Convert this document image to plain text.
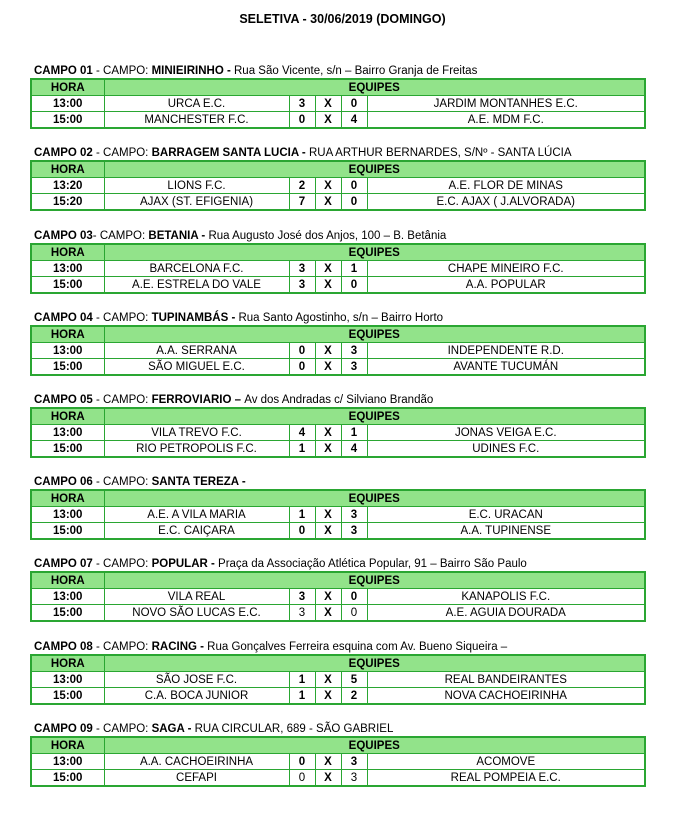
SELETIVA - 30/06/2019 (DOMINGO)
CAMPO 01 - CAMPO: MINIEIRINHO - Rua São Vicente, s/n – Bairro Granja de Freitas
HORA	EQUIPES				
13:00	URCA E.C.	3	X	0	JARDIM MONTANHES E.C.
15:00	MANCHESTER F.C.	0	X	4	A.E. MDM F.C.
CAMPO 02 - CAMPO: BARRAGEM SANTA LUCIA - RUA ARTHUR BERNARDES, S/Nº - SANTA LÚCIA
HORA	EQUIPES				
13:20	LIONS F.C.	2	X	0	A.E. FLOR DE MINAS
15:20	AJAX (ST. EFIGENIA)	7	X	0	E.C. AJAX ( J.ALVORADA)
CAMPO 03- CAMPO: BETANIA - Rua Augusto José dos Anjos, 100 – B. Betânia
HORA	EQUIPES				
13:00	BARCELONA F.C.	3	X	1	CHAPE MINEIRO F.C.
15:00	A.E. ESTRELA DO VALE	3	X	0	A.A. POPULAR
CAMPO 04 - CAMPO: TUPINAMBÁS - Rua Santo Agostinho, s/n – Bairro Horto
HORA	EQUIPES				
13:00	A.A. SERRANA	0	X	3	INDEPENDENTE R.D.
15:00	SÃO MIGUEL E.C.	0	X	3	AVANTE TUCUMÁN
CAMPO 05 - CAMPO: FERROVIARIO – Av dos Andradas c/ Silviano Brandão
HORA	EQUIPES				
13:00	VILA TREVO F.C.	4	X	1	JONAS VEIGA E.C.
15:00	RIO PETROPOLIS F.C.	1	X	4	UDINES F.C.
CAMPO 06 - CAMPO: SANTA TEREZA -
HORA	EQUIPES				
13:00	A.E. A VILA MARIA	1	X	3	E.C. URACAN
15:00	E.C. CAIÇARA	0	X	3	A.A. TUPINENSE
CAMPO 07 - CAMPO: POPULAR - Praça da Associação Atlética Popular, 91 – Bairro São Paulo
HORA	EQUIPES				
13:00	VILA REAL	3	X	0	KANAPOLIS F.C.
15:00	NOVO SÃO LUCAS E.C.	3	X	0	A.E. AGUIA DOURADA
CAMPO 08 - CAMPO: RACING - Rua Gonçalves Ferreira esquina com Av. Bueno Siqueira –
HORA	EQUIPES				
13:00	SÃO JOSE F.C.	1	X	5	REAL BANDEIRANTES
15:00	C.A. BOCA JUNIOR	1	X	2	NOVA CACHOEIRINHA
CAMPO 09 - CAMPO: SAGA - RUA CIRCULAR, 689 - SÃO GABRIEL
HORA	EQUIPES				
13:00	A.A. CACHOEIRINHA	0	X	3	ACOMOVE
15:00	CEFAPI	0	X	3	REAL POMPEIA E.C.
